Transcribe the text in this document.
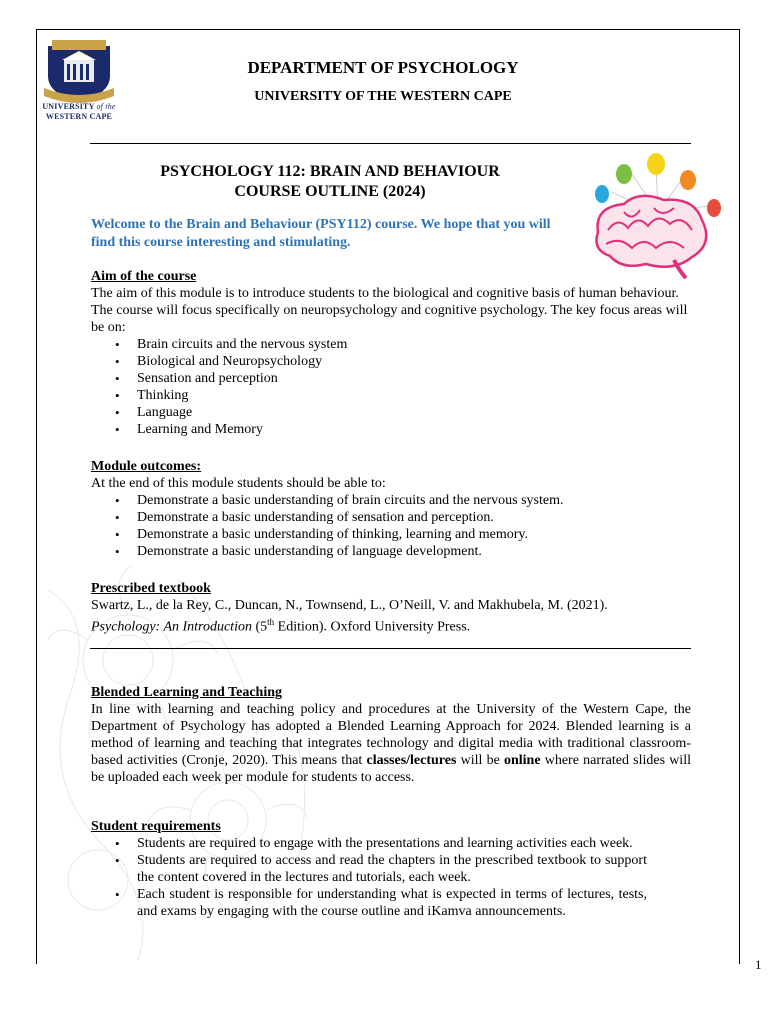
UNIVERSITY of the
WESTERN CAPE
DEPARTMENT OF PSYCHOLOGY
UNIVERSITY OF THE WESTERN CAPE
PSYCHOLOGY 112: BRAIN AND BEHAVIOUR
COURSE OUTLINE (2024)
Welcome to the Brain and Behaviour (PSY112) course. We hope that you will find this course interesting and stimulating.
Aim of the course
The aim of this module is to introduce students to the biological and cognitive basis of human behaviour. The course will focus specifically on neuropsychology and cognitive psychology. The key focus areas will be on:
• Brain circuits and the nervous system
• Biological and Neuropsychology
• Sensation and perception
• Thinking
• Language
• Learning and Memory
Module outcomes:
At the end of this module students should be able to:
• Demonstrate a basic understanding of brain circuits and the nervous system.
• Demonstrate a basic understanding of sensation and perception.
• Demonstrate a basic understanding of thinking, learning and memory.
• Demonstrate a basic understanding of language development.
Prescribed textbook
Swartz, L., de la Rey, C., Duncan, N., Townsend, L., O’Neill, V. and Makhubela, M. (2021).
Psychology: An Introduction (5th Edition). Oxford University Press.
Blended Learning and Teaching
In line with learning and teaching policy and procedures at the University of the Western Cape, the Department of Psychology has adopted a Blended Learning Approach for 2024. Blended learning is a method of learning and teaching that integrates technology and digital media with traditional classroom-based activities (Cronje, 2020). This means that classes/lectures will be online where narrated slides will be uploaded each week per module for students to access.
Student requirements
• Students are required to engage with the presentations and learning activities each week.
• Students are required to access and read the chapters in the prescribed textbook to support the content covered in the lectures and tutorials, each week.
• Each student is responsible for understanding what is expected in terms of lectures, tests, and exams by engaging with the course outline and iKamva announcements.
1
